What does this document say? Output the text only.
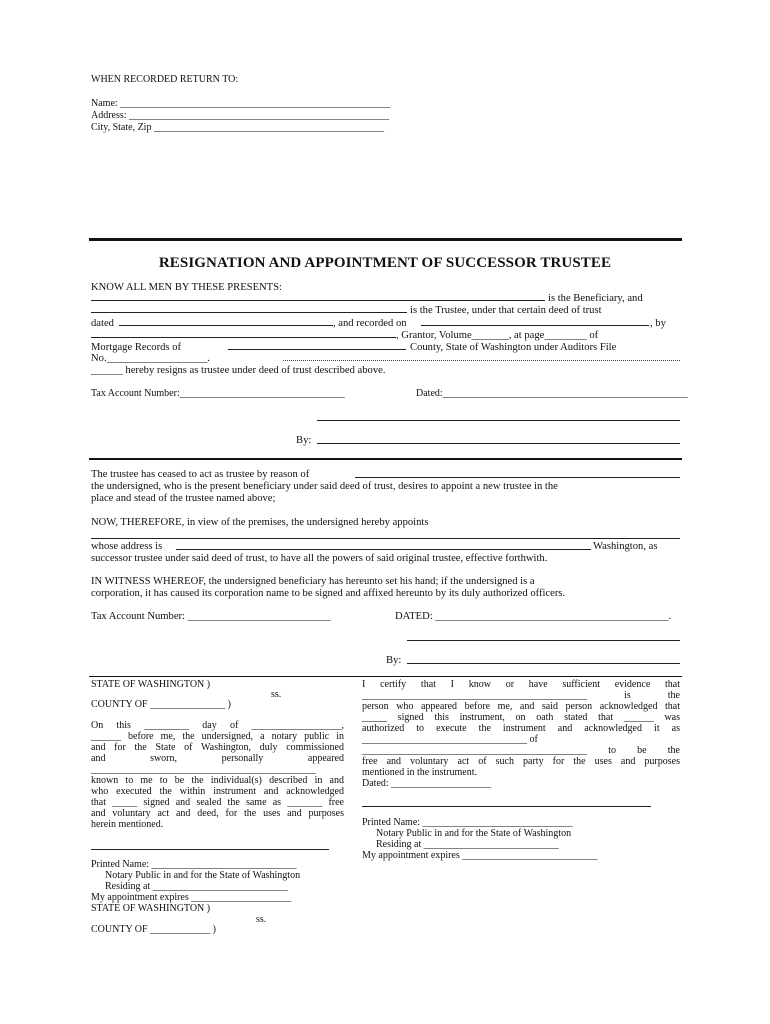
WHEN RECORDED RETURN TO:
Name: ______________________________________________________
Address: ____________________________________________________
City, State, Zip ______________________________________________
RESIGNATION AND APPOINTMENT OF SUCCESSOR TRUSTEE
KNOW ALL MEN BY THESE PRESENTS:
is the Beneficiary, and
is the Trustee, under that certain deed of trust
dated	, and recorded on	, by
, Grantor, Volume_______, at page________ of
Mortgage Records of	County, State of Washington under Auditors File
No.___________________.
______ hereby resigns as trustee under deed of trust described above.
Tax Account Number:_________________________________	Dated:_________________________________________________
By:
The trustee has ceased to act as trustee by reason of
the undersigned, who is the present beneficiary under said deed of trust, desires to appoint a new trustee in the
place and stead of the trustee named above;
NOW, THEREFORE, in view of the premises, the undersigned hereby appoints
whose address is	Washington, as
successor trustee under said deed of trust, to have all the powers of said original trustee, effective forthwith.
IN WITNESS WHEREOF, the undersigned beneficiary has hereunto set his hand; if the undersigned is a
corporation, it has caused its corporation name to be signed and affixed hereunto by its duly authorized officers.
Tax Account Number: ___________________________	DATED: ____________________________________________.
By:
STATE OF WASHINGTON )
ss.
COUNTY OF _______________ )
On this _________ day of __________________,
______ before me, the undersigned, a notary public in
and for the State of Washington, duly commissioned
and sworn, personally appeared
_____________________________________________
known to me to be the individual(s) described in and
who executed the within instrument and acknowledged
that _____ signed and sealed the same as _______ free
and voluntary act and deed, for the uses and purposes
herein mentioned.
Printed Name: _____________________________
Notary Public in and for the State of Washington
Residing at ___________________________
My appointment expires ____________________
STATE OF WASHINGTON )
ss.
COUNTY OF ____________ )
I certify that I know or have sufficient evidence that
_____________________________________________ is the
person who appeared before me, and said person acknowledged that
_____ signed this instrument, on oath stated that ______ was
authorized to execute the instrument and acknowledged it as
_________________________________ of
_____________________________________________ to be the
free and voluntary act of such party for the uses and purposes
mentioned in the instrument.
Dated: ____________________
Printed Name: ______________________________
Notary Public in and for the State of Washington
Residing at ___________________________
My appointment expires ___________________________
